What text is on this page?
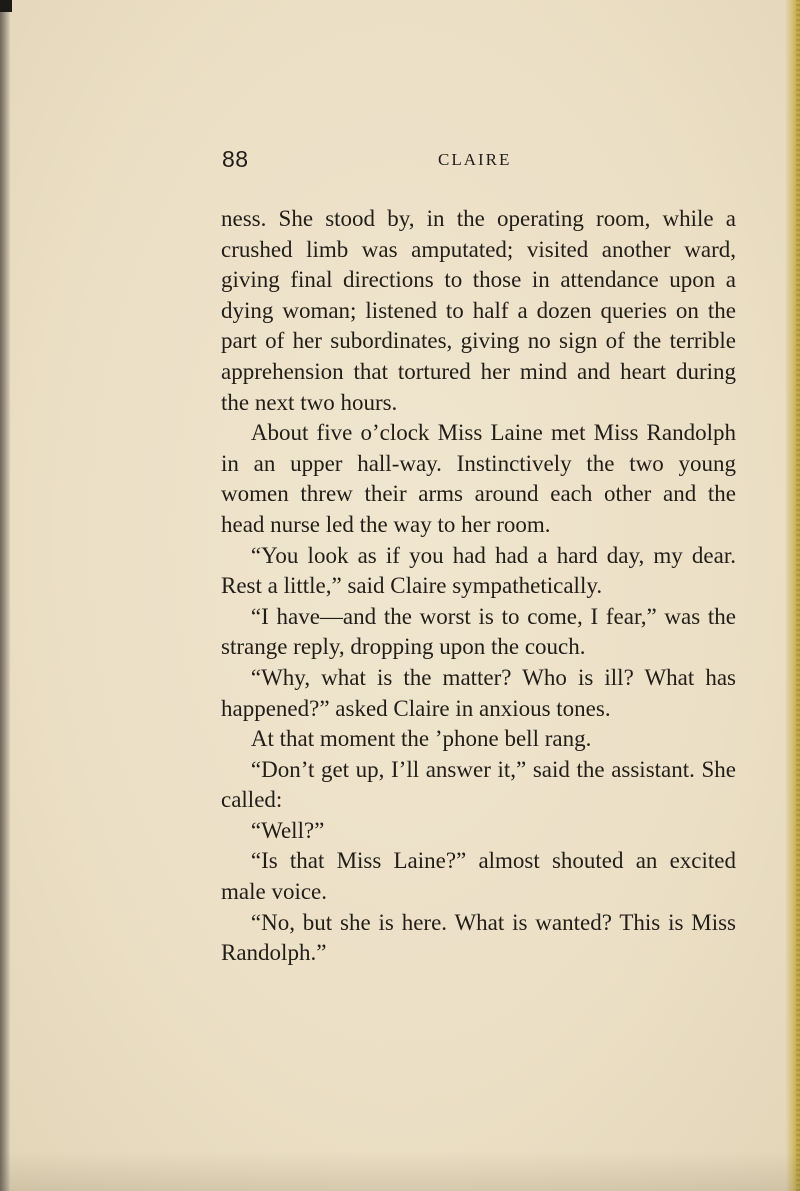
88	CLAIRE

ness. She stood by, in the operating room, while a crushed limb was amputated; visited another ward, giving final directions to those in attendance upon a dying woman; listened to half a dozen queries on the part of her subordinates, giving no sign of the terrible apprehension that tortured her mind and heart during the next two hours.

About five o’clock Miss Laine met Miss Randolph in an upper hall-way. Instinctively the two young women threw their arms around each other and the head nurse led the way to her room.

“You look as if you had had a hard day, my dear. Rest a little,” said Claire sympathetically.

“I have—and the worst is to come, I fear,” was the strange reply, dropping upon the couch.

“Why, what is the matter? Who is ill? What has happened?” asked Claire in anxious tones.

At that moment the ’phone bell rang.

“Don’t get up, I’ll answer it,” said the assistant. She called:

“Well?”

“Is that Miss Laine?” almost shouted an excited male voice.

“No, but she is here. What is wanted? This is Miss Randolph.”
